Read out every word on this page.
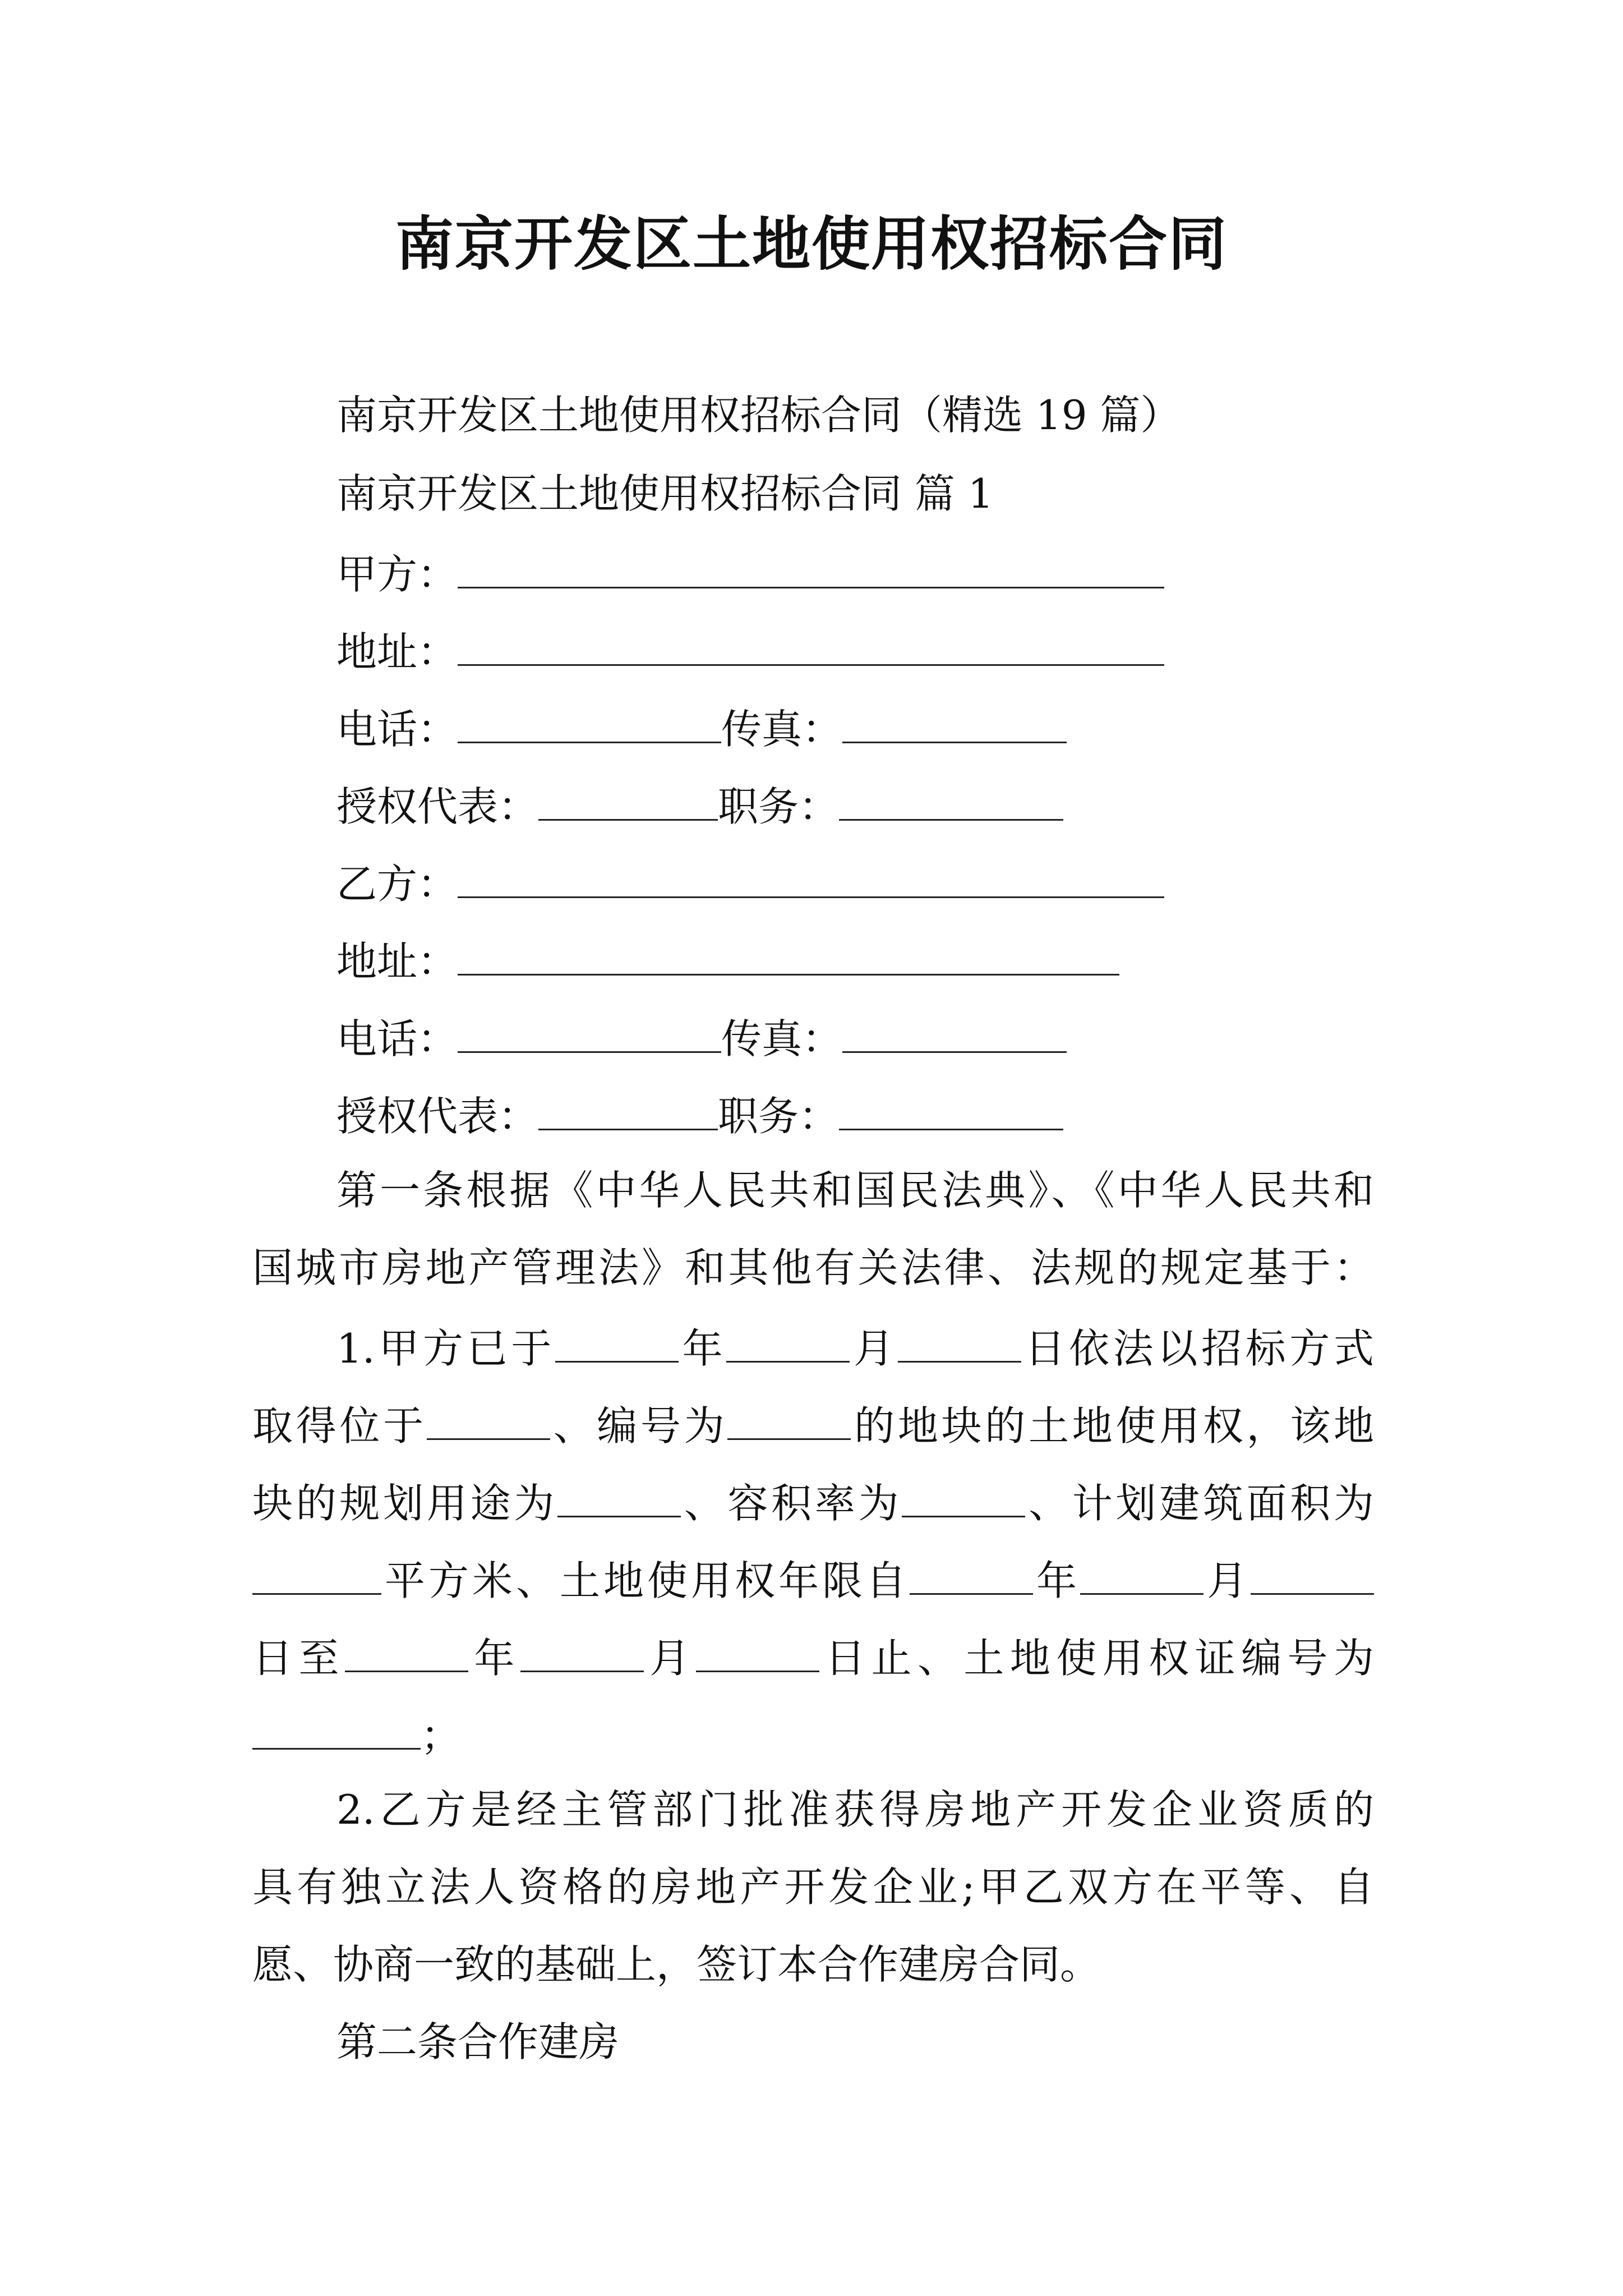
南京开发区土地使用权招标合同
南京开发区土地使用权招标合同（精选 19 篇）
南京开发区土地使用权招标合同 篇 1
甲方：
地址：
电话：	传真：
授权代表：	职务：
乙方：
地址：
电话：	传真：
授权代表：	职务：
第一条根据《中华人民共和国民法典》、《中华人民共和
国城市房地产管理法》和其他有关法律、法规的规定基于：
1.甲方已于	年	月	日依法以招标方式
取得位于	、编号为	的地块的土地使用权，该地
块的规划用途为	、容积率为	、计划建筑面积为
平方米、土地使用权年限自	年	月
日至	年	月	日止、土地使用权证编号为
；
2.乙方是经主管部门批准获得房地产开发企业资质的
具有独立法人资格的房地产开发企业;甲乙双方在平等、自
愿、协商一致的基础上，签订本合作建房合同。
第二条合作建房
